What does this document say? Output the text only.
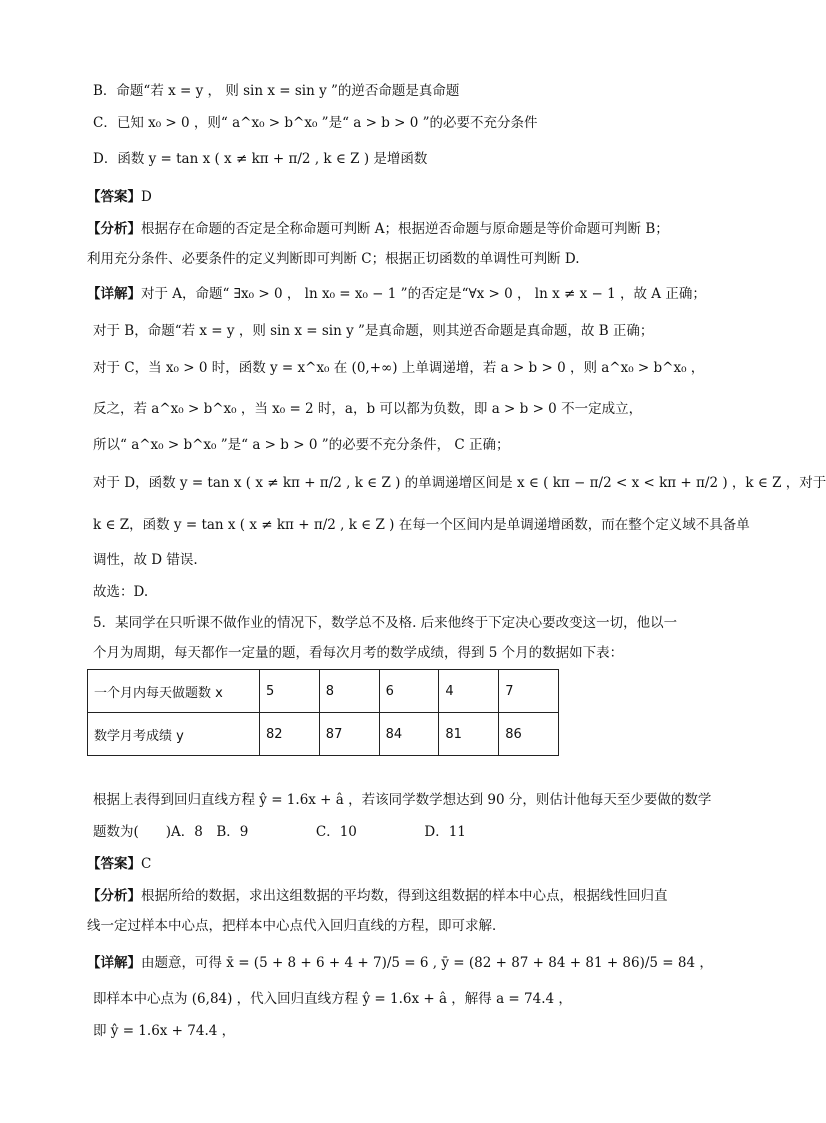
B．命题“若 x = y ， 则 sin x = sin y ”的逆否命题是真命题
C．已知 x₀ > 0 ，则“ a^x₀ > b^x₀ ”是“ a > b > 0 ”的必要不充分条件
D．函数 y = tan x ( x ≠ kπ + π/2 , k ∈ Z ) 是增函数
【答案】D
【分析】根据存在命题的否定是全称命题可判断 A；根据逆否命题与原命题是等价命题可判断 B；
利用充分条件、必要条件的定义判断即可判断 C；根据正切函数的单调性可判断 D.
【详解】对于 A，命题“ ∃x₀ > 0 ， ln x₀ = x₀ − 1 ”的否定是“∀x > 0 ， ln x ≠ x − 1 ，故 A 正确；
对于 B，命题“若 x = y ，则 sin x = sin y ”是真命题，则其逆否命题是真命题，故 B 正确；
对于 C，当 x₀ > 0 时，函数 y = x^x₀ 在 (0,+∞) 上单调递增，若 a > b > 0 ，则 a^x₀ > b^x₀ ，
反之，若 a^x₀ > b^x₀ ，当 x₀ = 2 时，a，b 可以都为负数，即 a > b > 0 不一定成立，
所以“ a^x₀ > b^x₀ ”是“ a > b > 0 ”的必要不充分条件， C 正确；
对于 D，函数 y = tan x ( x ≠ kπ + π/2 , k ∈ Z ) 的单调递增区间是 x ∈ ( kπ − π/2 < x < kπ + π/2 ) ，k ∈ Z ，对于
k ∈ Z，函数 y = tan x ( x ≠ kπ + π/2 , k ∈ Z ) 在每一个区间内是单调递增函数，而在整个定义域不具备单
调性，故 D 错误.
故选：D.
5．某同学在只听课不做作业的情况下，数学总不及格. 后来他终于下定决心要改变这一切，他以一
个月为周期，每天都作一定量的题，看每次月考的数学成绩，得到 5 个月的数据如下表：
一个月内每天做题数 x	5	8	6	4	7
数学月考成绩 y	82	87	84	81	86
根据上表得到回归直线方程 ŷ = 1.6x + â ，若该同学数学想达到 90 分，则估计他每天至少要做的数学
题数为(　　)A．8　B．9　　　　　C．10　　　　　D．11
【答案】C
【分析】根据所给的数据，求出这组数据的平均数，得到这组数据的样本中心点，根据线性回归直
线一定过样本中心点，把样本中心点代入回归直线的方程，即可求解．
【详解】由题意，可得 x̄ = (5 + 8 + 6 + 4 + 7)/5 = 6 , ȳ = (82 + 87 + 84 + 81 + 86)/5 = 84 ，
即样本中心点为 (6,84) ，代入回归直线方程 ŷ = 1.6x + â ，解得 a = 74.4 ，
即 ŷ = 1.6x + 74.4 ，
